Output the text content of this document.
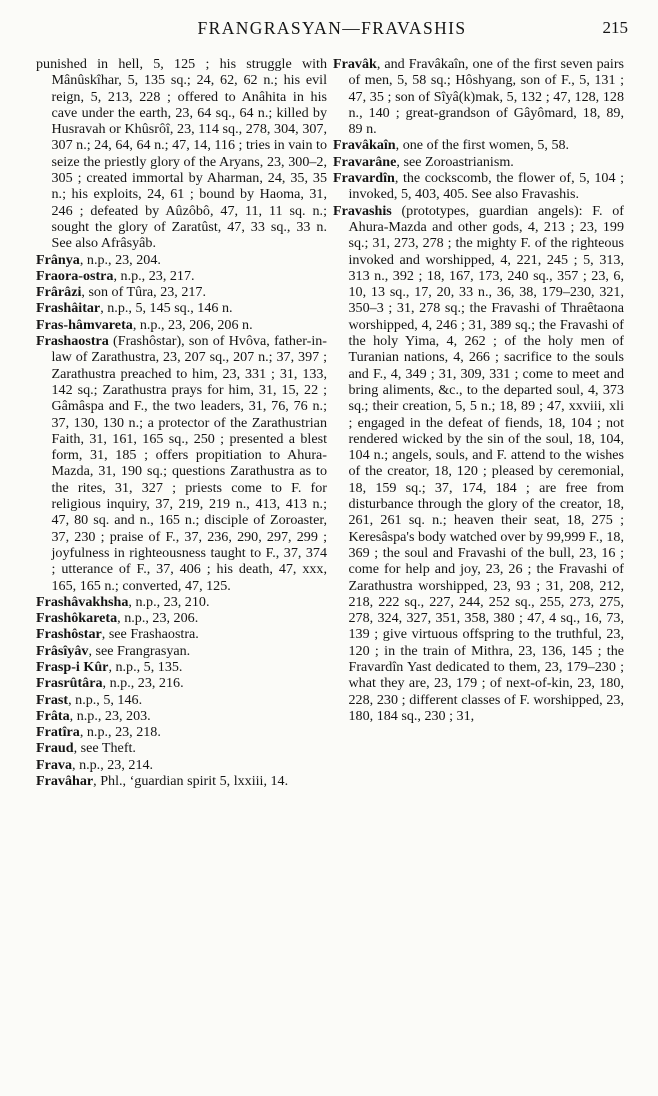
FRANGRASYAN—FRAVASHIS	215

punished in hell, 5, 125 ; his struggle with Mânûskîhar, 5, 135 sq.; 24, 62, 62 n.; his evil reign, 5, 213, 228 ; offered to Anâhita in his cave under the earth, 23, 64 sq., 64 n.; killed by Husravah or Khûsrôî, 23, 114 sq., 278, 304, 307, 307 n.; 24, 64, 64 n.; 47, 14, 116 ; tries in vain to seize the priestly glory of the Aryans, 23, 300–2, 305 ; created immortal by Aharman, 24, 35, 35 n.; his exploits, 24, 61 ; bound by Haoma, 31, 246 ; defeated by Aûzôbô, 47, 11, 11 sq. n.; sought the glory of Zaratûst, 47, 33 sq., 33 n. See also Afrâsyâb.

Frânya, n.p., 23, 204.

Fraora-ostra, n.p., 23, 217.

Frârâzi, son of Tûra, 23, 217.

Frashâitar, n.p., 5, 145 sq., 146 n.

Fras-hâmvareta, n.p., 23, 206, 206 n.

Frashaostra (Frashôstar), son of Hvôva, father-in-law of Zarathustra, 23, 207 sq., 207 n.; 37, 397 ; Zarathustra preached to him, 23, 331 ; 31, 133, 142 sq.; Zarathustra prays for him, 31, 15, 22 ; Gâmâspa and F., the two leaders, 31, 76, 76 n.; 37, 130, 130 n.; a protector of the Zarathustrian Faith, 31, 161, 165 sq., 250 ; presented a blest form, 31, 185 ; offers propitiation to Ahura-Mazda, 31, 190 sq.; questions Zarathustra as to the rites, 31, 327 ; priests come to F. for religious inquiry, 37, 219, 219 n., 413, 413 n.; 47, 80 sq. and n., 165 n.; disciple of Zoroaster, 37, 230 ; praise of F., 37, 236, 290, 297, 299 ; joyfulness in righteousness taught to F., 37, 374 ; utterance of F., 37, 406 ; his death, 47, xxx, 165, 165 n.; converted, 47, 125.

Frashâvakhsha, n.p., 23, 210.

Frashôkareta, n.p., 23, 206.

Frashôstar, see Frashaostra.

Frâsîyâv, see Frangrasyan.

Frasp-i Kûr, n.p., 5, 135.

Frasrûtâra, n.p., 23, 216.

Frast, n.p., 5, 146.

Frâta, n.p., 23, 203.

Fratîra, n.p., 23, 218.

Fraud, see Theft.

Frava, n.p., 23, 214.

Fravâhar, Phl., ‘guardian spirit 5, lxxiii, 14.

Fravâk, and Fravâkaîn, one of the first seven pairs of men, 5, 58 sq.; Hôshyang, son of F., 5, 131 ; 47, 35 ; son of Sîyâ(k)mak, 5, 132 ; 47, 128, 128 n., 140 ; great-grandson of Gâyômard, 18, 89, 89 n.

Fravâkaîn, one of the first women, 5, 58.

Fravarâne, see Zoroastrianism.

Fravardîn, the cockscomb, the flower of, 5, 104 ; invoked, 5, 403, 405. See also Fravashis.

Fravashis (prototypes, guardian angels): F. of Ahura-Mazda and other gods, 4, 213 ; 23, 199 sq.; 31, 273, 278 ; the mighty F. of the righteous invoked and worshipped, 4, 221, 245 ; 5, 313, 313 n., 392 ; 18, 167, 173, 240 sq., 357 ; 23, 6, 10, 13 sq., 17, 20, 33 n., 36, 38, 179–230, 321, 350–3 ; 31, 278 sq.; the Fravashi of Thraêtaona worshipped, 4, 246 ; 31, 389 sq.; the Fravashi of the holy Yima, 4, 262 ; of the holy men of Turanian nations, 4, 266 ; sacrifice to the souls and F., 4, 349 ; 31, 309, 331 ; come to meet and bring aliments, &c., to the departed soul, 4, 373 sq.; their creation, 5, 5 n.; 18, 89 ; 47, xxviii, xli ; engaged in the defeat of fiends, 18, 104 ; not rendered wicked by the sin of the soul, 18, 104, 104 n.; angels, souls, and F. attend to the wishes of the creator, 18, 120 ; pleased by ceremonial, 18, 159 sq.; 37, 174, 184 ; are free from disturbance through the glory of the creator, 18, 261, 261 sq. n.; heaven their seat, 18, 275 ; Keresâspa's body watched over by 99,999 F., 18, 369 ; the soul and Fravashi of the bull, 23, 16 ; come for help and joy, 23, 26 ; the Fravashi of Zarathustra worshipped, 23, 93 ; 31, 208, 212, 218, 222 sq., 227, 244, 252 sq., 255, 273, 275, 278, 324, 327, 351, 358, 380 ; 47, 4 sq., 16, 73, 139 ; give virtuous offspring to the truthful, 23, 120 ; in the train of Mithra, 23, 136, 145 ; the Fravardîn Yast dedicated to them, 23, 179–230 ; what they are, 23, 179 ; of next-of-kin, 23, 180, 228, 230 ; different classes of F. worshipped, 23, 180, 184 sq., 230 ; 31,
